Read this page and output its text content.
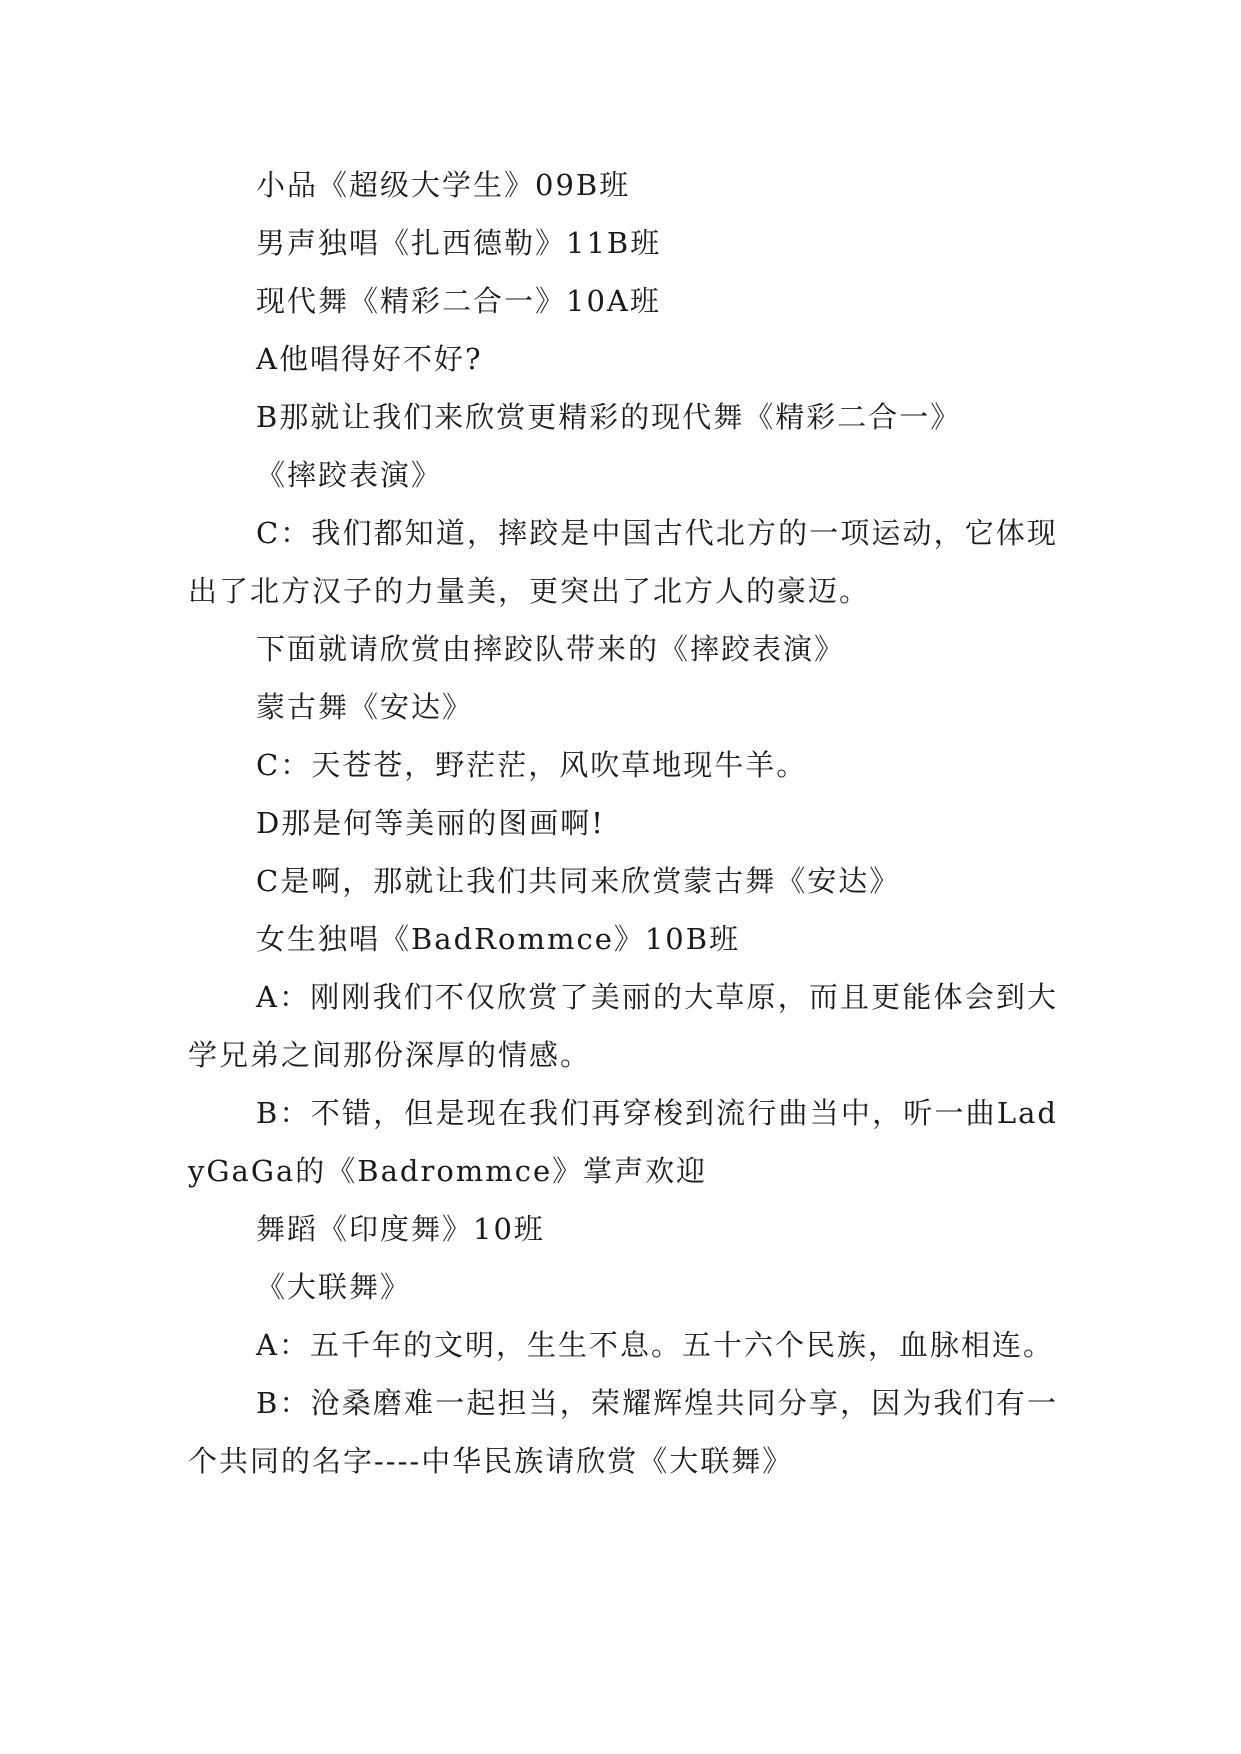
小品《超级大学生》09B班

男声独唱《扎西德勒》11B班

现代舞《精彩二合一》10A班

A他唱得好不好?

B那就让我们来欣赏更精彩的现代舞《精彩二合一》

《摔跤表演》

C：我们都知道，摔跤是中国古代北方的一项运动，它体现出了北方汉子的力量美，更突出了北方人的豪迈。

下面就请欣赏由摔跤队带来的《摔跤表演》

蒙古舞《安达》

C：天苍苍，野茫茫，风吹草地现牛羊。

D那是何等美丽的图画啊!

C是啊，那就让我们共同来欣赏蒙古舞《安达》

女生独唱《BadRommce》10B班

A：刚刚我们不仅欣赏了美丽的大草原，而且更能体会到大学兄弟之间那份深厚的情感。

B：不错，但是现在我们再穿梭到流行曲当中，听一曲LadyGaGa的《Badrommce》掌声欢迎

舞蹈《印度舞》10班

《大联舞》

A：五千年的文明，生生不息。五十六个民族，血脉相连。

B：沧桑磨难一起担当，荣耀辉煌共同分享，因为我们有一个共同的名字----中华民族请欣赏《大联舞》
